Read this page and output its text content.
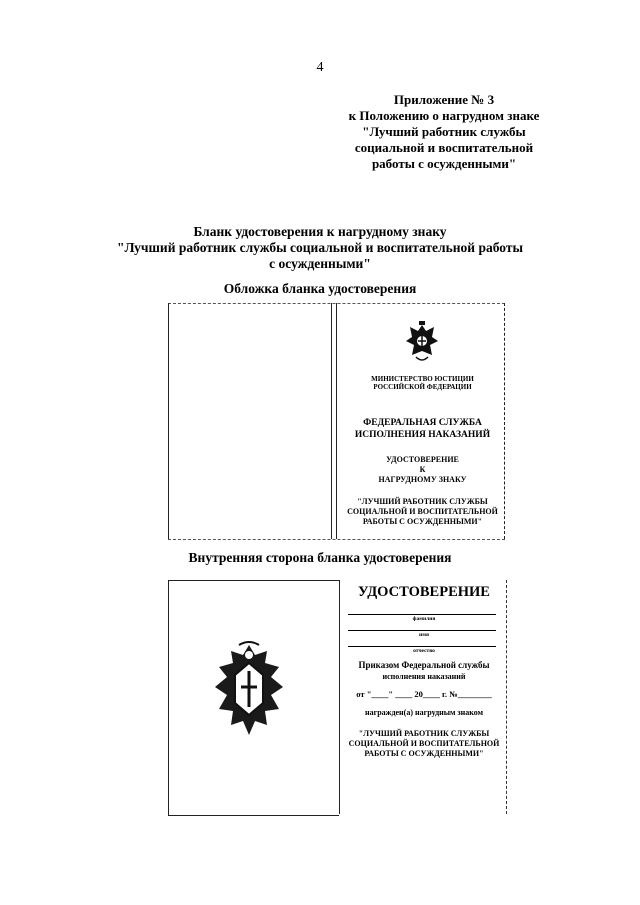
4
Приложение № 3
к Положению о нагрудном знаке
"Лучший работник службы
социальной и воспитательной
работы с осужденными"
Бланк удостоверения к нагрудному знаку
"Лучший работник службы социальной и воспитательной работы
с осужденными"
Обложка бланка удостоверения
МИНИСТЕРСТВО ЮСТИЦИИ
РОССИЙСКОЙ ФЕДЕРАЦИИ
ФЕДЕРАЛЬНАЯ СЛУЖБА
ИСПОЛНЕНИЯ НАКАЗАНИЙ
УДОСТОВЕРЕНИЕ
К
НАГРУДНОМУ ЗНАКУ
"ЛУЧШИЙ РАБОТНИК СЛУЖБЫ
СОЦИАЛЬНОЙ И ВОСПИТАТЕЛЬНОЙ
РАБОТЫ С ОСУЖДЕННЫМИ"
Внутренняя сторона бланка удостоверения
УДОСТОВЕРЕНИЕ
фамилия
имя
отчество
Приказом Федеральной службы
исполнения наказаний
от "____" ____ 20____ г. №________
награжден(а) нагрудным знаком
"ЛУЧШИЙ РАБОТНИК СЛУЖБЫ
СОЦИАЛЬНОЙ И ВОСПИТАТЕЛЬНОЙ
РАБОТЫ С ОСУЖДЕННЫМИ"
